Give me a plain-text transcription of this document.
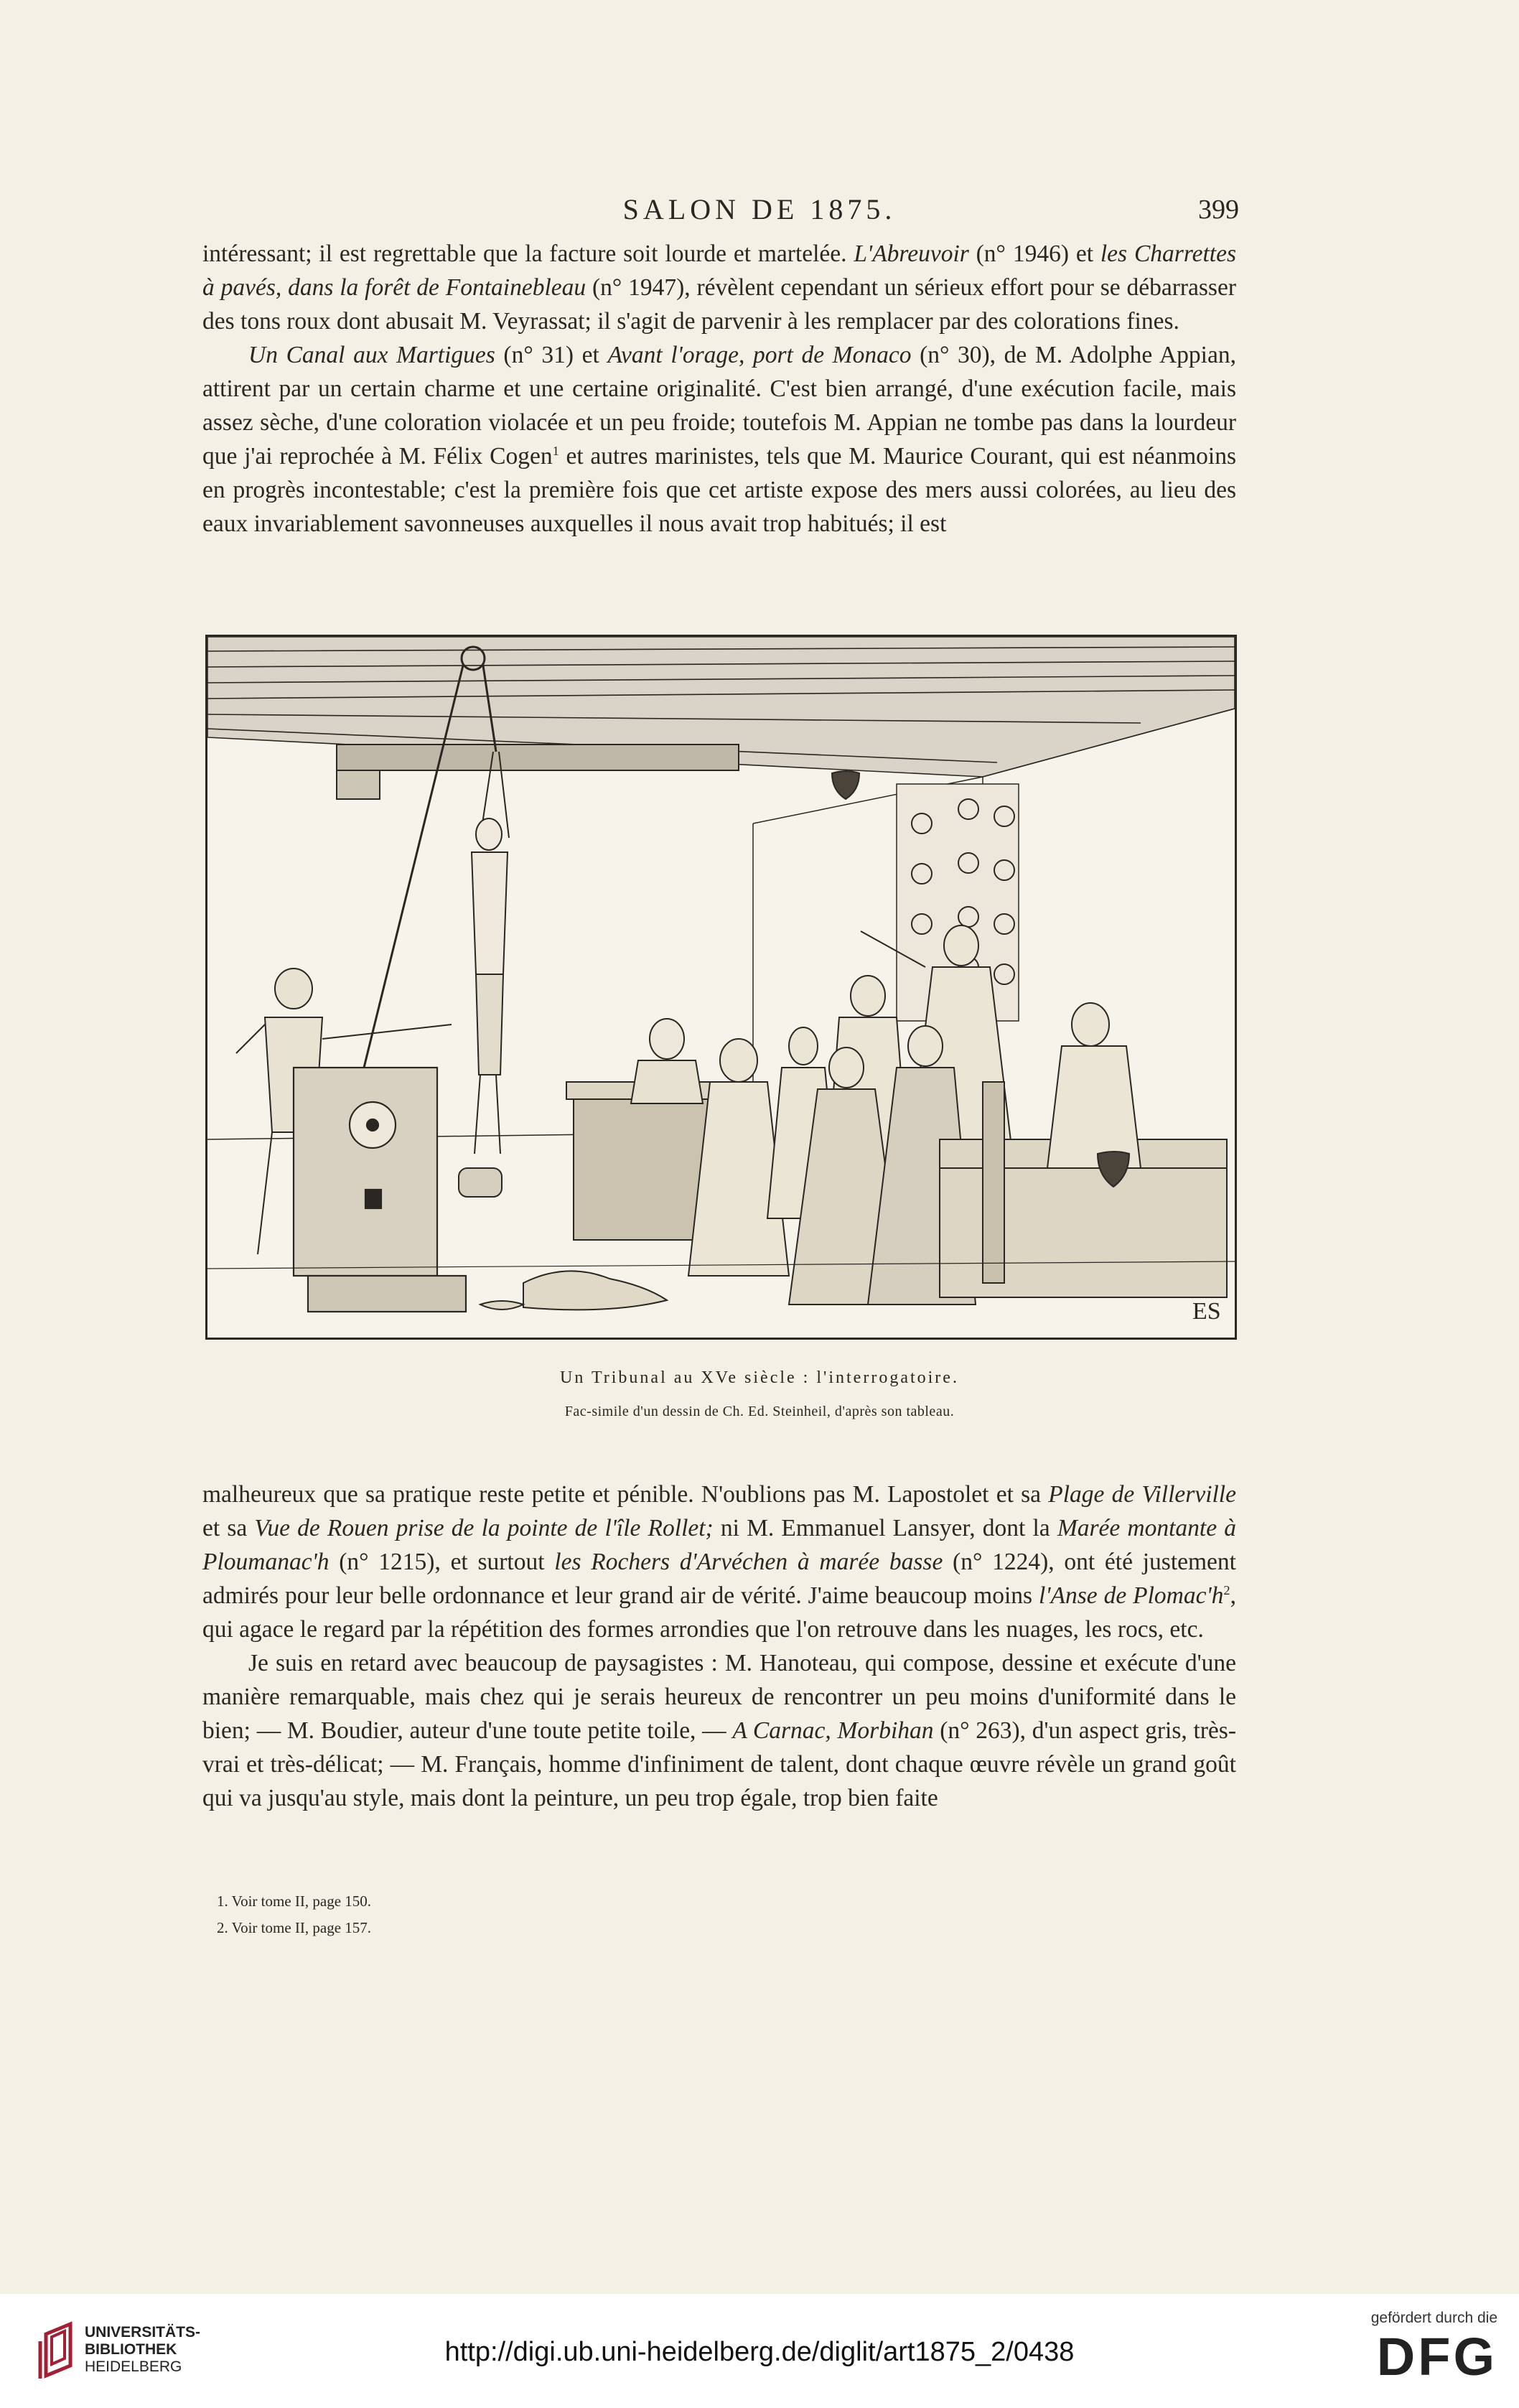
SALON DE 1875.	399

intéressant; il est regrettable que la facture soit lourde et martelée. L'Abreuvoir (n° 1946) et les Charrettes à pavés, dans la forêt de Fontainebleau (n° 1947), révèlent cependant un sérieux effort pour se débarrasser des tons roux dont abusait M. Veyrassat; il s'agit de parvenir à les remplacer par des colorations fines.

Un Canal aux Martigues (n° 31) et Avant l'orage, port de Monaco (n° 30), de M. Adolphe Appian, attirent par un certain charme et une certaine originalité. C'est bien arrangé, d'une exécution facile, mais assez sèche, d'une coloration violacée et un peu froide; toutefois M. Appian ne tombe pas dans la lourdeur que j'ai reprochée à M. Félix Cogen$^1$ et autres marinistes, tels que M. Maurice Courant, qui est néanmoins en progrès incontestable; c'est la première fois que cet artiste expose des mers aussi colorées, au lieu des eaux invariablement savonneuses auxquelles il nous avait trop habitués; il est

ES
Un Tribunal au XVe siècle : l'interrogatoire.
Fac-simile d'un dessin de Ch. Ed. Steinheil, d'après son tableau.

malheureux que sa pratique reste petite et pénible. N'oublions pas M. Lapostolet et sa Plage de Villerville et sa Vue de Rouen prise de la pointe de l'île Rollet; ni M. Emmanuel Lansyer, dont la Marée montante à Ploumanac'h (n° 1215), et surtout les Rochers d'Arvéchen à marée basse (n° 1224), ont été justement admirés pour leur belle ordonnance et leur grand air de vérité. J'aime beaucoup moins l'Anse de $Plomac'h^2$, qui agace le regard par la répétition des formes arrondies que l'on retrouve dans les nuages, les rocs, etc.

Je suis en retard avec beaucoup de paysagistes : M. Hanoteau, qui compose, dessine et exécute d'une manière remarquable, mais chez qui je serais heureux de rencontrer un peu moins d'uniformité dans le bien; — M. Boudier, auteur d'une toute petite toile, — A Carnac, Morbihan (n° 263), d'un aspect gris, très-vrai et très-délicat; — M. Français, homme d'infiniment de talent, dont chaque œuvre révèle un grand goût qui va jusqu'au style, mais dont la peinture, un peu trop égale, trop bien faite

1. Voir tome II, page 150.
2. Voir tome II, page 157.
UNIVERSITÄTS-
BIBLIOTHEK
HEIDELBERG	http://digi.ub.uni-heidelberg.de/diglit/art1875_2/0438
gefördert durch die
DFG
